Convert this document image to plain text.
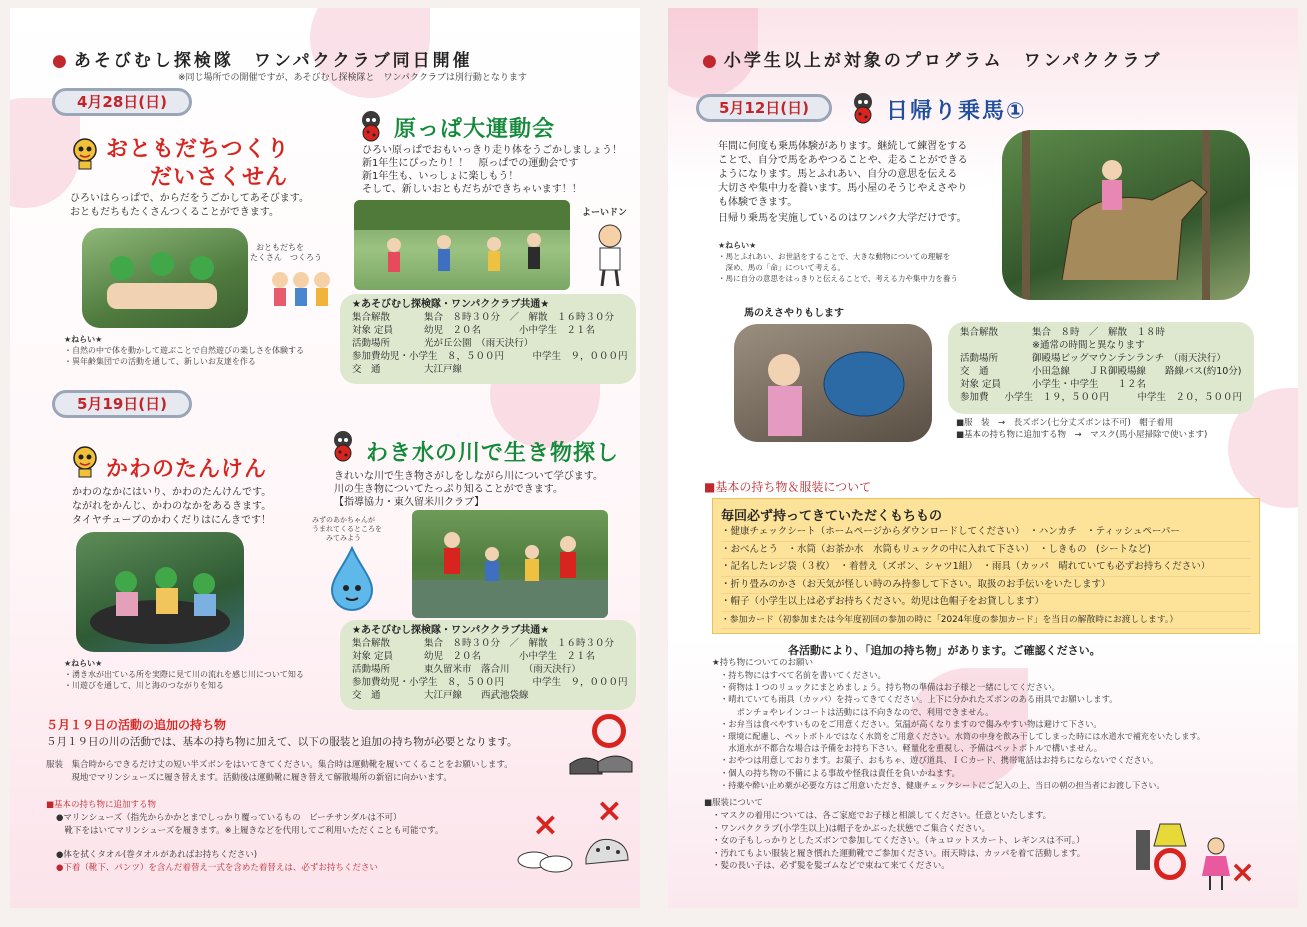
● あそびむし探検隊　ワンパククラブ同日開催
※同じ場所での開催ですが、あそびむし探検隊と　ワンパククラブは別行動となります
4月28日(日)
おともだちつくり
だいさくせん
ひろいはらっぱで、からだをうごかしてあそびます。
おともだちもたくさんつくることができます。
おともだちを
たくさん　つくろう
★ねらい★
・自然の中で体を動かして遊ぶことで自然遊びの楽しさを体験する
・異年齢集団での活動を通して、新しいお友達を作る
原っぱ大運動会
ひろい原っぱでおもいっきり走り体をうごかしましょう！
新1年生にぴったり！！　原っぱでの運動会です
新1年生も、いっしょに楽しもう！
そして、新しいおともだちができちゃいます！！
よーいドン
★あそびむし探検隊・ワンパククラブ共通★
集合解散	集合　８時３０分　／　解散　１６時３０分
対象 定員	幼児　２０名　　　　小中学生　２１名
活動場所	光が丘公園　（雨天決行）
参加費 幼児・小学生　８，５００円　　　中学生　９，０００円
交　通	大江戸線
5月19日(日)
かわのたんけん
かわのなかにはいり、かわのたんけんです。
ながれをかんじ、かわのなかをあるきます。
タイヤチューブのかわくだりはにんきです！
★ねらい★
・湧き水が出ている所を実際に見て川の流れを感じ川について知る
・川遊びを通して、川と海のつながりを知る
わき水の川で生き物探し
きれいな川で生き物さがしをしながら川について学びます。
川の生き物についてたっぷり知ることができます。
【指導協力・東久留米川クラブ】
みずのあかちゃんが
うまれてくるところを
みてみよう
★あそびむし探検隊・ワンパククラブ共通★
集合解散	集合　８時３０分　／　解散　１６時３０分
対象 定員	幼児　２０名　　　　小中学生　２１名
活動場所	東久留米市　落合川　　（雨天決行）
参加費 幼児・小学生　８，５００円　　　中学生　９，０００円
交　通	大江戸線　　西武池袋線
５月１９日の活動の追加の持ち物
５月１９日の川の活動では、基本の持ち物に加えて、以下の服装と追加の持ち物が必要となります。
服装　集合時からできるだけ丈の短い半ズボンをはいてきてください。集合時は運動靴を履いてくることをお願いします。
　　　現地でマリンシューズに履き替えます。活動後は運動靴に履き替えて解散場所の新宿に向かいます。
■基本の持ち物に追加する物
●マリンシューズ（指先からかかとまでしっかり覆っているもの　ビーチサンダルは不可）
　靴下をはいてマリンシューズを履きます。※上履きなどを代用してご利用いただくことも可能です。
●体を拭くタオル(巻タオルがあればお持ちください)
●下着（靴下、パンツ）を含んだ着替え一式を含めた着替えは、必ずお持ちください
× ×
● 小学生以上が対象のプログラム　ワンパククラブ
5月12日(日)	日帰り乗馬①
年間に何度も乗馬体験があります。継続して練習をする
ことで、自分で馬をあやつることや、走ることができる
ようになります。馬とふれあい、自分の意思を伝える
大切さや集中力を養います。馬小屋のそうじやえさやり
も体験できます。
日帰り乗馬を実施しているのはワンパク大学だけです。
★ねらい★
・馬とふれあい、お世話をすることで、大きな動物についての理解を
　深め、馬の「命」について考える。
・馬に自分の意思をはっきりと伝えることで、考える力や集中力を養う
馬のえさやりもします
集合解散	集合　８時　／　解散　１８時
※通常の時間と異なります
活動場所	御殿場ビッグマウンテンランチ　（雨天決行）
交　通	小田急線　　ＪＲ御殿場線　　路線バス(約10分)
対象 定員	小学生・中学生　　１２名
参加費	小学生　１９，５００円　　　中学生　２０，５００円
■服　装　→　長ズボン(七分丈ズボンは不可)　帽子着用
■基本の持ち物に追加する物　→　マスク(馬小屋掃除で使います)
■基本の持ち物＆服装について
毎回必ず持ってきていただくもちもの
・健康チェックシート（ホームページからダウンロードしてください）　・ハンカチ　・ティッシュペーパー
・おべんとう　・水筒（お茶か水　水筒もリュックの中に入れて下さい）　・しきもの　(シートなど)
・記名したレジ袋（３枚）　・着替え（ズボン、シャツ1組）　・雨具（カッパ　晴れていても必ずお持ちください）
・折り畳みのかさ（お天気が怪しい時のみ持参して下さい。取扱のお手伝いをいたします）
・帽子（小学生以上は必ずお持ちください。幼児は色帽子をお貸しします）
・参加カード（初参加または今年度初回の参加の時に「2024年度の参加カード」を当日の解散時にお渡しします。）
各活動により、「追加の持ち物」があります。ご確認ください。
★持ち物についてのお願い
・持ち物にはすべて名前を書いてください。
・荷物は１つのリュックにまとめましょう。持ち物の準備はお子様と一緒にしてください。
・晴れていても雨具（カッパ）を持ってきてください。上下に分かれたズボンのある雨具でお願いします。
　　ポンチョやレインコートは活動には不向きなので、利用できません。
・お弁当は食べやすいものをご用意ください。気温が高くなりますので傷みやすい物は避けて下さい。
・環境に配慮し、ペットボトルではなく水筒をご用意ください。水筒の中身を飲み干してしまった時には水道水で補充をいたします。
　水道水が不都合な場合は予備をお持ち下さい。軽量化を重視し、予備はペットボトルで構いません。
・おやつは用意しております。お菓子、おもちゃ、遊び道具、ＩＣカード、携帯電話はお持ちにならないでください。
・個人の持ち物の不備による事故や怪我は責任を負いかねます。
・持薬や酔い止め薬が必要な方はご用意いただき、健康チェックシートにご記入の上、当日の朝の担当者にお渡し下さい。
■服装について
・マスクの着用については、各ご家庭でお子様と相談してください。任意といたします。
・ワンパククラブ(小学生以上)は帽子をかぶった状態でご集合ください。
・女の子もしっかりとしたズボンで参加してください。（キュロットスカート、レギンスは不可。）
・汚れてもよい服装と履き慣れた運動靴でご参加ください。雨天時は、カッパを着て活動します。
・髪の長い子は、必ず髪を髪ゴムなどで束ねて来てください。	×
